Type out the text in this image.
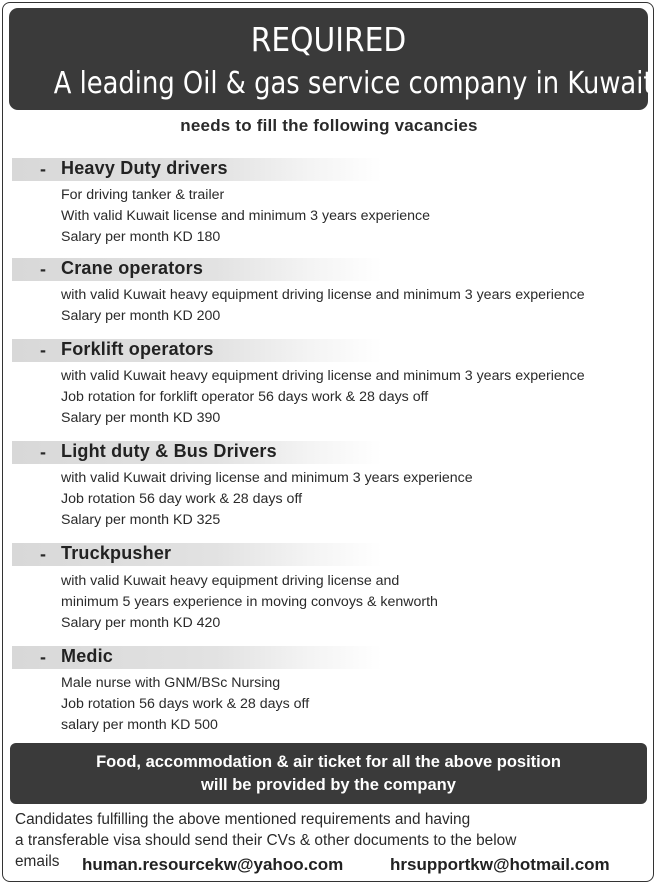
REQUIRED
A leading Oil & gas service company in Kuwait
needs to fill the following vacancies
- Heavy Duty drivers
For driving tanker & trailer
With valid Kuwait license and minimum 3 years experience
Salary per month KD 180
- Crane operators
with valid Kuwait heavy equipment driving license and minimum 3 years experience
Salary per month KD 200
- Forklift operators
with valid Kuwait heavy equipment driving license and minimum 3 years experience
Job rotation for forklift operator 56 days work & 28 days off
Salary per month KD 390
- Light duty & Bus Drivers
with valid Kuwait driving license and minimum 3 years experience
Job rotation 56 day work & 28 days off
Salary per month KD 325
- Truckpusher
with valid Kuwait heavy equipment driving license and
minimum 5 years experience in moving convoys & kenworth
Salary per month KD 420
- Medic
Male nurse with GNM/BSc Nursing
Job rotation 56 days work & 28 days off
salary per month KD 500
Food, accommodation & air ticket for all the above position
will be provided by the company
Candidates fulfilling the above mentioned requirements and having
a transferable visa should send their CVs & other documents to the below
emails human.resourcekw@yahoo.com	hrsupportkw@hotmail.com
